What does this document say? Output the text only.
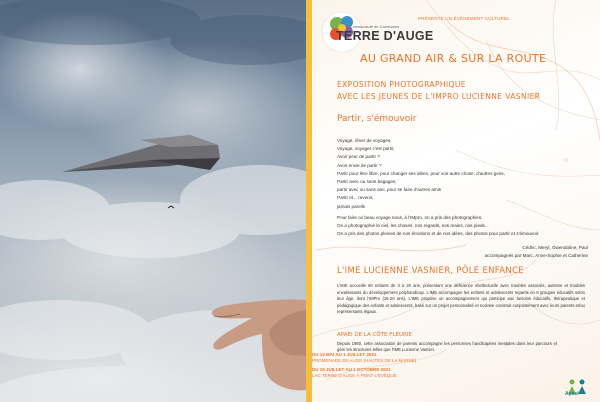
Communauté de Communes
TERRE D'AUGE
PRÉSENTE UN ÉVÈNEMENT CULTUREL
AU GRAND AIR & SUR LA ROUTE
EXPOSITION PHOTOGRAPHIQUE
AVEC LES JEUNES DE L'IMPRO LUCIENNE VASNIER
Partir, s'émouvoir
Voyage, rêver de voyages,
Voyage, voyager c'est partir,
Avoir peur de partir ?
Avoir envie de partir ?
Partir pour être libre, pour changer ses idées, pour voir autre chose, d'autres gens,
Partir avec ou sans bagages,
partir avec ou sans ami, pour se faire d'autres amis
Partir et... revenir,
jamais pareils
Pour faire ce beau voyage nous, à l'IMpro, on a pris des photographies.
On a photographié le ciel, les choses, nos regards, nos mains, nos pieds...
On a pris des photos pleines de nos émotions et de nos idées, des photos pour partir et s'émouvoir.
Cédric, Meryl, Gwendoline, Paul
accompagnés par Marc, Anne-Sophie et Catherine
L'IME LUCIENNE VASNIER, PÔLE ENFANCE
L'IME accueille 60 enfants de 3 à 20 ans, présentant une déficience intellectuelle avec troubles associés, autisme et troubles envahissants du développement polyhandicap. L'IME accompagne les enfants et adolescents repartis en 6 groupes éducatifs selon leur âge, dont l'IMPro (15-20 ans). L'IME propose un accompagnement qui participe aux besoins éducatifs, thérapeutique et pédagogique des enfants et adolescents, basé sur un projet personnalisé et scolaire construit conjointement avec leurs parents et/ou représentants légaux.
APAEI DE LA CÔTE FLEURIE
Depuis 1960, cette association de parents accompagne les personnes handicapées mentales dans leur parcours et gère les structures telles que l'IME Lucienne Vasnier.
DU 13 MAI AU 1 JUILLET 2021
PROMENADE EN AUGE (HAUTES DE LA MARNE)
DU 15 JUILLET AU 1 OCTOBRE 2021
LAC TERRE D'AUGE À PONT-L'ÉVÊQUE
Apaei
